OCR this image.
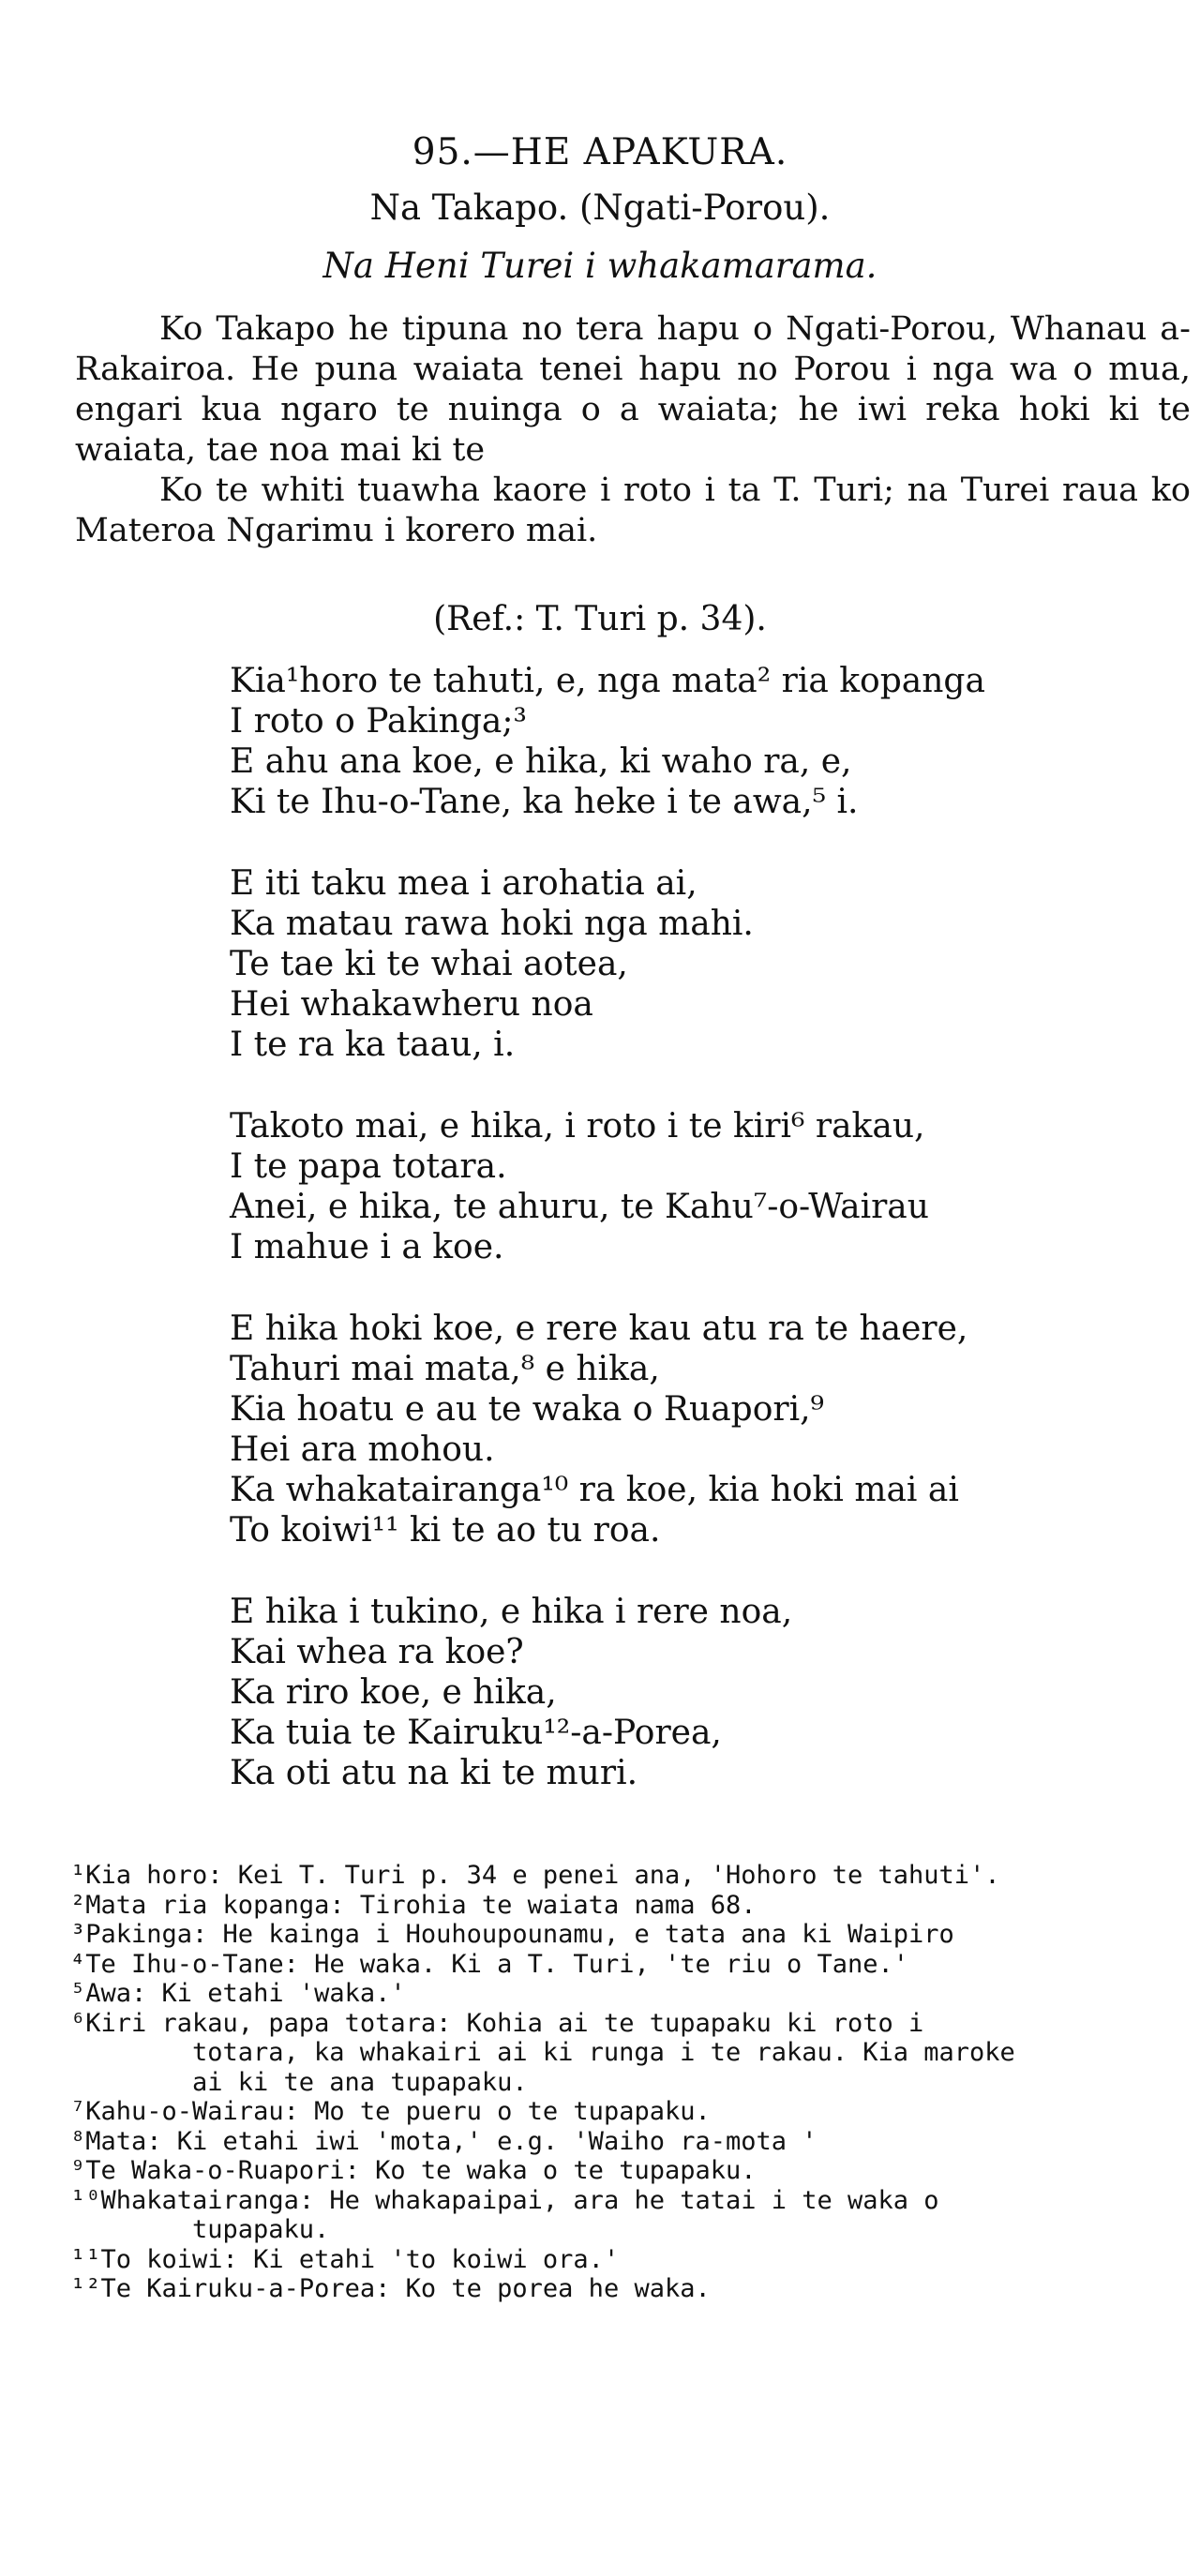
95.—HE APAKURA.
Na Takapo. (Ngati-Porou).
Na Heni Turei i whakamarama.

Ko Takapo he tipuna no tera hapu o Ngati-Porou, Whanau a-Rakairoa. He puna waiata tenei hapu no Porou i nga wa o mua, engari kua ngaro te nuinga o a waiata; he iwi reka hoki ki te waiata, tae noa mai ki te

Ko te whiti tuawha kaore i roto i ta T. Turi; na Turei raua ko Materoa Ngarimu i korero mai.

(Ref.: T. Turi p. 34).
Kia¹horo te tahuti, e, nga mata² ria kopanga
I roto o Pakinga;³
E ahu ana koe, e hika, ki waho ra, e,
Ki te Ihu-o-Tane, ka heke i te awa,⁵ i.
E iti taku mea i arohatia ai,
Ka matau rawa hoki nga mahi.
Te tae ki te whai aotea,
Hei whakawheru noa
I te ra ka taau, i.
Takoto mai, e hika, i roto i te kiri⁶ rakau,
I te papa totara.
Anei, e hika, te ahuru, te Kahu⁷-o-Wairau
I mahue i a koe.
E hika hoki koe, e rere kau atu ra te haere,
Tahuri mai mata,⁸ e hika,
Kia hoatu e au te waka o Ruapori,⁹
Hei ara mohou.
Ka whakatairanga¹⁰ ra koe, kia hoki mai ai
To koiwi¹¹ ki te ao tu roa.
E hika i tukino, e hika i rere noa,
Kai whea ra koe?
Ka riro koe, e hika,
Ka tuia te Kairuku¹²-a-Porea,
Ka oti atu na ki te muri.
¹Kia horo: Kei T. Turi p. 34 e penei ana, 'Hohoro te tahuti'.
²Mata ria kopanga: Tirohia te waiata nama 68.
³Pakinga: He kainga i Houhoupounamu, e tata ana ki Waipiro
⁴Te Ihu-o-Tane: He waka. Ki a T. Turi, 'te riu o Tane.'
⁵Awa: Ki etahi 'waka.'
⁶Kiri rakau, papa totara: Kohia ai te tupapaku ki roto i
totara, ka whakairi ai ki runga i te rakau. Kia maroke
ai ki te ana tupapaku.
⁷Kahu-o-Wairau: Mo te pueru o te tupapaku.
⁸Mata: Ki etahi iwi 'mota,' e.g. 'Waiho ra-mota '
⁹Te Waka-o-Ruapori: Ko te waka o te tupapaku.
¹⁰Whakatairanga: He whakapaipai, ara he tatai i te waka o
tupapaku.
¹¹To koiwi: Ki etahi 'to koiwi ora.'
¹²Te Kairuku-a-Porea: Ko te porea he waka.
